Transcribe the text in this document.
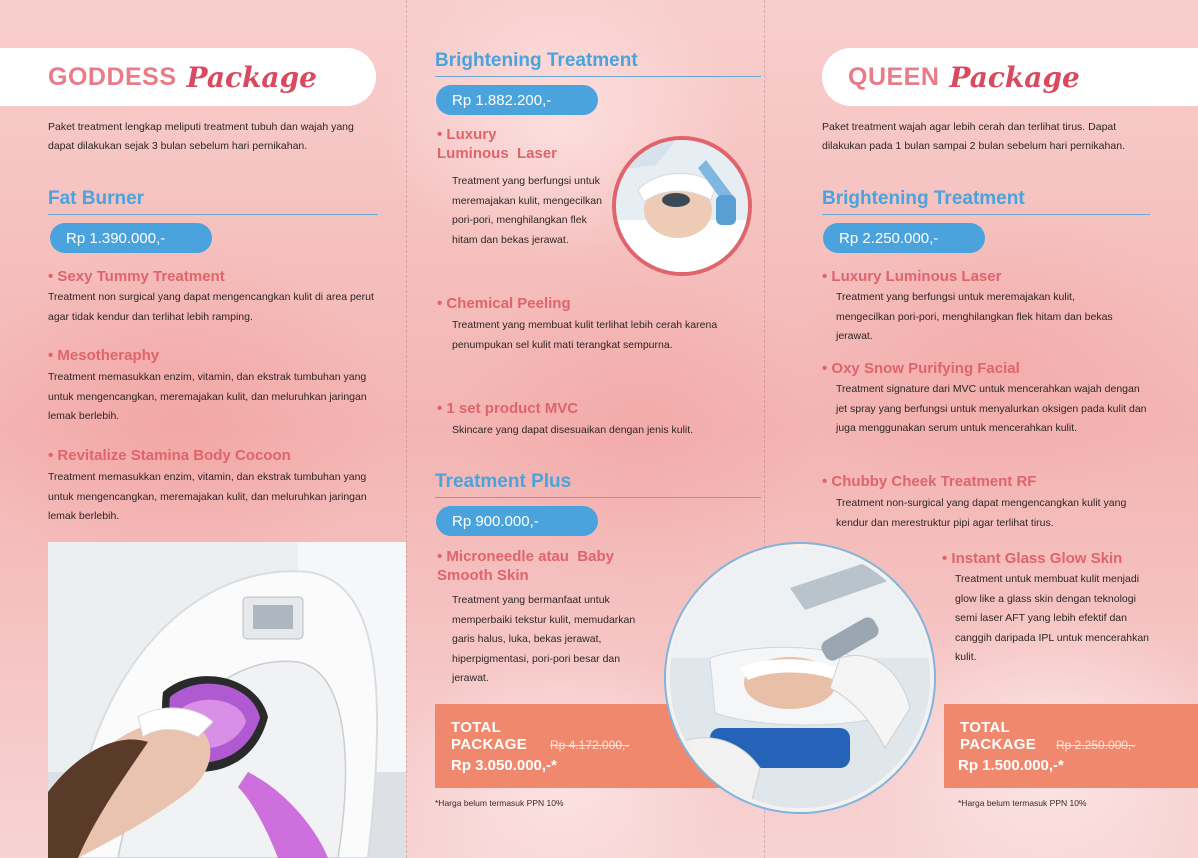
GODDESS Package
Paket treatment lengkap meliputi treatment tubuh dan wajah yang dapat dilakukan sejak 3 bulan sebelum hari pernikahan.
Fat Burner
Rp 1.390.000,-
• Sexy Tummy Treatment
Treatment non surgical yang dapat mengencangkan kulit di area perut agar tidak kendur dan terlihat lebih ramping.
• Mesotheraphy
Treatment memasukkan enzim, vitamin, dan ekstrak tumbuhan yang untuk mengencangkan, meremajakan kulit, dan meluruhkan jaringan lemak berlebih.
• Revitalize Stamina Body Cocoon
Treatment memasukkan enzim, vitamin, dan ekstrak tumbuhan yang untuk mengencangkan, meremajakan kulit, dan meluruhkan jaringan lemak berlebih.
Brightening Treatment
Rp 1.882.200,-
• Luxury Luminous  Laser
Treatment yang berfungsi untuk meremajakan kulit, mengecilkan pori-pori, menghilangkan flek hitam dan bekas jerawat.
• Chemical Peeling
Treatment yang membuat kulit terlihat lebih cerah karena penumpukan sel kulit mati terangkat sempurna.
• 1 set product MVC
Skincare yang dapat disesuaikan dengan jenis kulit.
Treatment Plus
Rp 900.000,-
• Microneedle atau  Baby Smooth Skin
Treatment yang bermanfaat untuk memperbaiki tekstur kulit, memudarkan garis halus, luka, bekas jerawat, hiperpigmentasi, pori-pori besar dan jerawat.
TOTAL
PACKAGE Rp 4.172.000,-
Rp 3.050.000,-*
*Harga belum termasuk PPN 10%
QUEEN Package
Paket treatment wajah agar lebih cerah dan terlihat tirus. Dapat dilakukan pada 1 bulan sampai 2 bulan sebelum hari pernikahan.
Brightening Treatment
Rp 2.250.000,-
• Luxury Luminous Laser
Treatment yang berfungsi untuk meremajakan kulit, mengecilkan pori-pori, menghilangkan flek hitam dan bekas jerawat.
• Oxy Snow Purifying Facial
Treatment signature dari MVC untuk mencerahkan wajah dengan jet spray yang berfungsi untuk menyalurkan oksigen pada kulit dan juga menggunakan serum untuk mencerahkan kulit.
• Chubby Cheek Treatment RF
Treatment non-surgical yang dapat mengencangkan kulit yang kendur dan merestruktur pipi agar terlihat tirus.
• Instant Glass Glow Skin
Treatment untuk membuat kulit menjadi glow like a glass skin dengan teknologi semi laser AFT yang lebih efektif dan canggih daripada IPL untuk mencerahkan kulit.
TOTAL
PACKAGE Rp 2.250.000,-
Rp 1.500.000,-*
*Harga belum termasuk PPN 10%
